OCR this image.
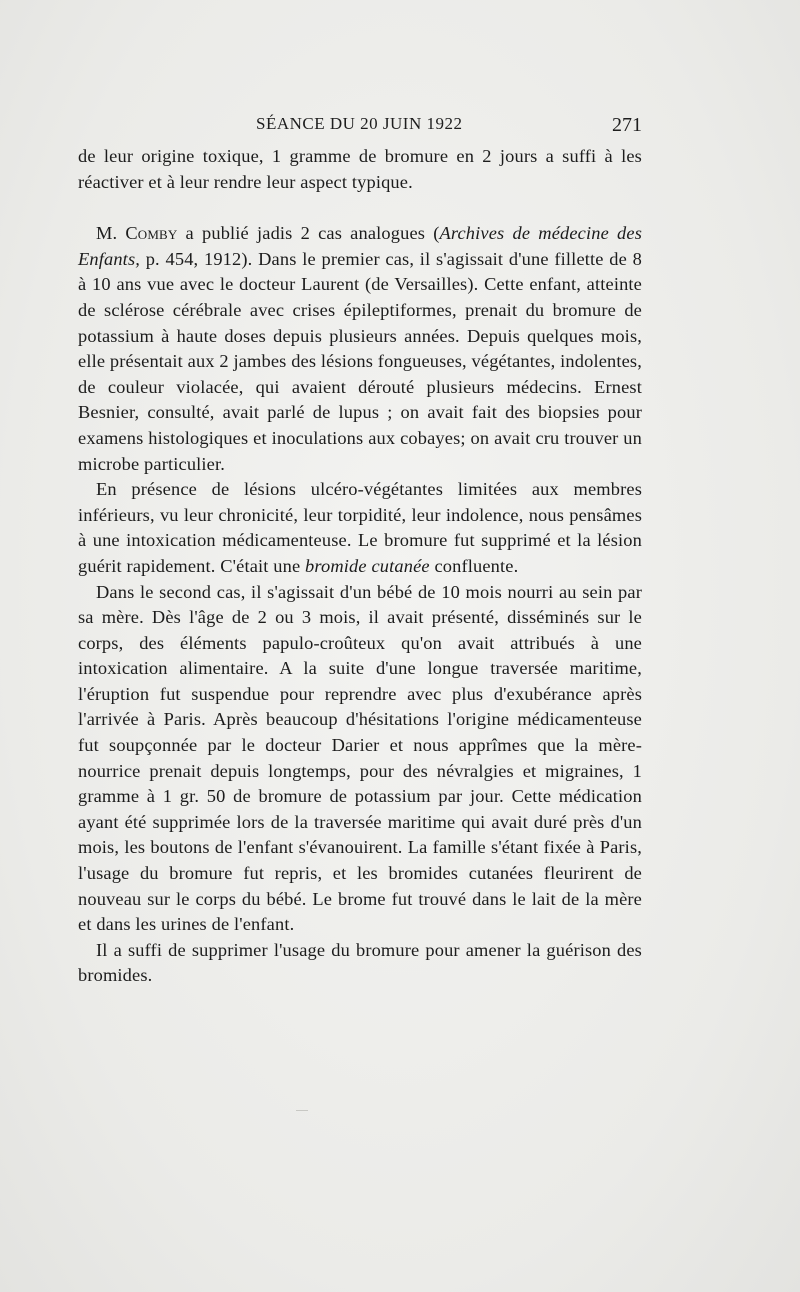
SÉANCE DU 20 JUIN 1922	271

de leur origine toxique, 1 gramme de bromure en 2 jours a suffi à les réactiver et à leur rendre leur aspect typique.

M. Comby a publié jadis 2 cas analogues (Archives de médecine des Enfants, p. 454, 1912). Dans le premier cas, il s'agissait d'une fillette de 8 à 10 ans vue avec le docteur Laurent (de Versailles). Cette enfant, atteinte de sclérose cérébrale avec crises épileptiformes, prenait du bromure de potassium à haute doses depuis plusieurs années. Depuis quelques mois, elle présentait aux 2 jambes des lésions fongueuses, végétantes, indolentes, de couleur violacée, qui avaient dérouté plusieurs médecins. Ernest Besnier, consulté, avait parlé de lupus ; on avait fait des biopsies pour examens histologiques et inoculations aux cobayes; on avait cru trouver un microbe particulier.

En présence de lésions ulcéro-végétantes limitées aux membres inférieurs, vu leur chronicité, leur torpidité, leur indolence, nous pensâmes à une intoxication médicamenteuse. Le bromure fut supprimé et la lésion guérit rapidement. C'était une bromide cutanée confluente.

Dans le second cas, il s'agissait d'un bébé de 10 mois nourri au sein par sa mère. Dès l'âge de 2 ou 3 mois, il avait présenté, disséminés sur le corps, des éléments papulo-croûteux qu'on avait attribués à une intoxication alimentaire. A la suite d'une longue traversée maritime, l'éruption fut suspendue pour reprendre avec plus d'exubérance après l'arrivée à Paris. Après beaucoup d'hésitations l'origine médicamenteuse fut soupçonnée par le docteur Darier et nous apprîmes que la mère-nourrice prenait depuis longtemps, pour des névralgies et migraines, 1 gramme à 1 gr. 50 de bromure de potassium par jour. Cette médication ayant été supprimée lors de la traversée maritime qui avait duré près d'un mois, les boutons de l'enfant s'évanouirent. La famille s'étant fixée à Paris, l'usage du bromure fut repris, et les bromides cutanées fleurirent de nouveau sur le corps du bébé. Le brome fut trouvé dans le lait de la mère et dans les urines de l'enfant.

Il a suffi de supprimer l'usage du bromure pour amener la guérison des bromides.
